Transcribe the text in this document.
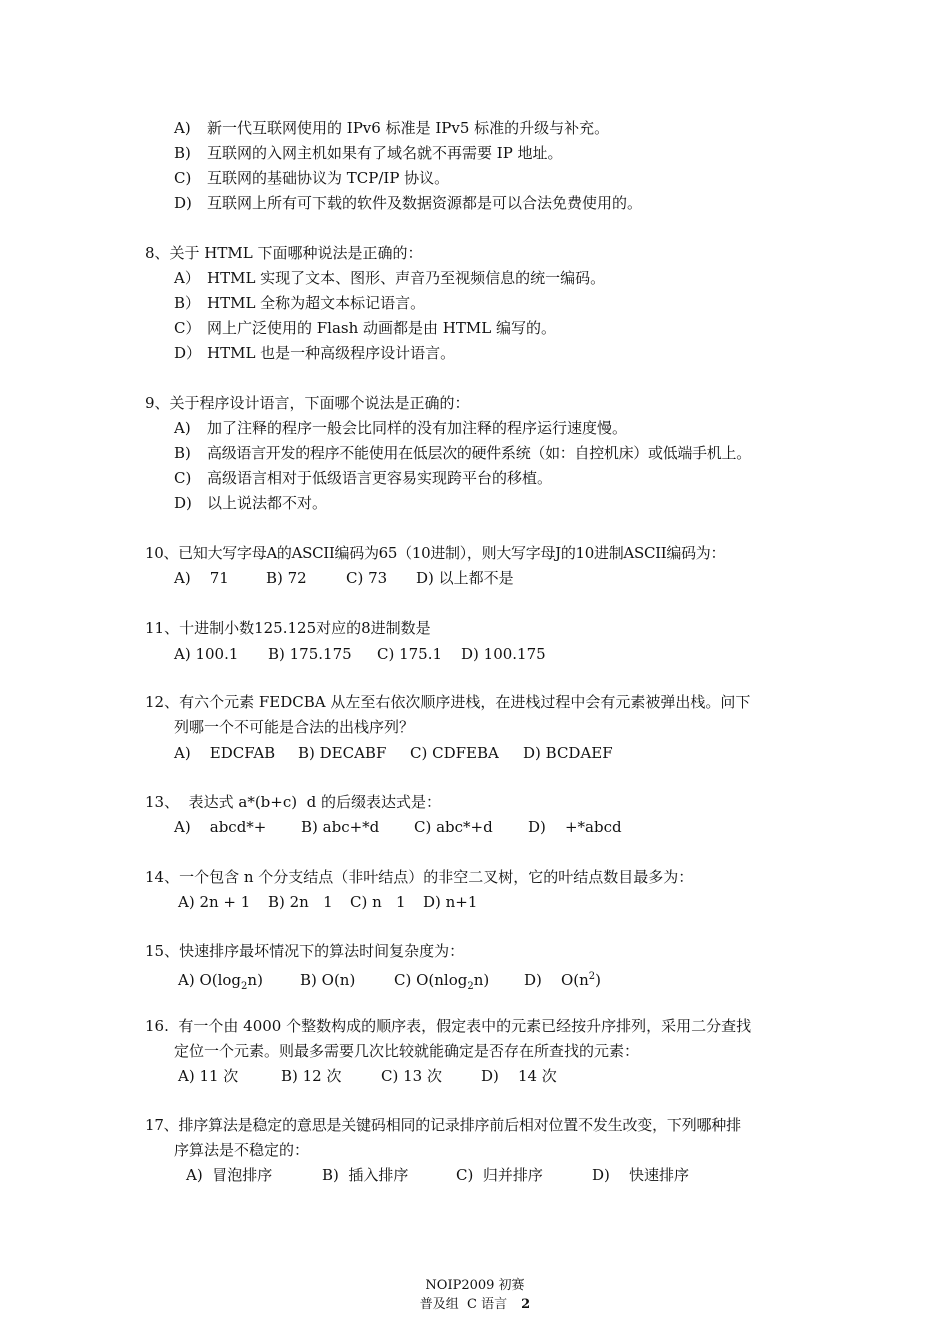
A) 新一代互联网使用的 IPv6 标准是 IPv5 标准的升级与补充。
B) 互联网的入网主机如果有了域名就不再需要 IP 地址。
C) 互联网的基础协议为 TCP/IP 协议。
D) 互联网上所有可下载的软件及数据资源都是可以合法免费使用的。
8、关于 HTML 下面哪种说法是正确的：
A） HTML 实现了文本、图形、声音乃至视频信息的统一编码。
B） HTML 全称为超文本标记语言。
C） 网上广泛使用的 Flash 动画都是由 HTML 编写的。
D） HTML 也是一种高级程序设计语言。
9、关于程序设计语言，下面哪个说法是正确的：
A) 加了注释的程序一般会比同样的没有加注释的程序运行速度慢。
B) 高级语言开发的程序不能使用在低层次的硬件系统（如：自控机床）或低端手机上。
C) 高级语言相对于低级语言更容易实现跨平台的移植。
D) 以上说法都不对。
10、已知大写字母A的ASCII编码为65（10进制），则大写字母J的10进制ASCII编码为：
A)    71 B) 72	C) 73 D) 以上都不是
11、十进制小数125.125对应的8进制数是
A) 100.1 B) 175.175 C) 175.1 D) 100.175
12、有六个元素 FEDCBA 从左至右依次顺序进栈，在进栈过程中会有元素被弹出栈。问下
列哪一个不可能是合法的出栈序列？
A)    EDCFAB B) DECABF C) CDFEBA D) BCDAEF
13、  表达式 a*(b+c)  d 的后缀表达式是：
A)    abcd*+ B) abc+*d C) abc*+d D)    +*abcd
14、一个包含 n 个分支结点（非叶结点）的非空二叉树，它的叶结点数目最多为：
A) 2n + 1 B) 2n   1 C) n   1 D) n+1
15、快速排序最坏情况下的算法时间复杂度为：
A) $O(\log_2n)$ B) O(n)	C) O(nlog$_2$n) D)    $O(n^2)$
16.  有一个由 4000 个整数构成的顺序表，假定表中的元素已经按升序排列，采用二分查找
定位一个元素。则最多需要几次比较就能确定是否存在所查找的元素：
A) 11 次	B) 12 次	C) 13 次	D)    14 次
17、排序算法是稳定的意思是关键码相同的记录排序前后相对位置不发生改变，下列哪种排
序算法是不稳定的：
A)  冒泡排序	B)  插入排序	C)  归并排序	D)    快速排序
NOIP2009 初赛
普及组  C 语言 2
